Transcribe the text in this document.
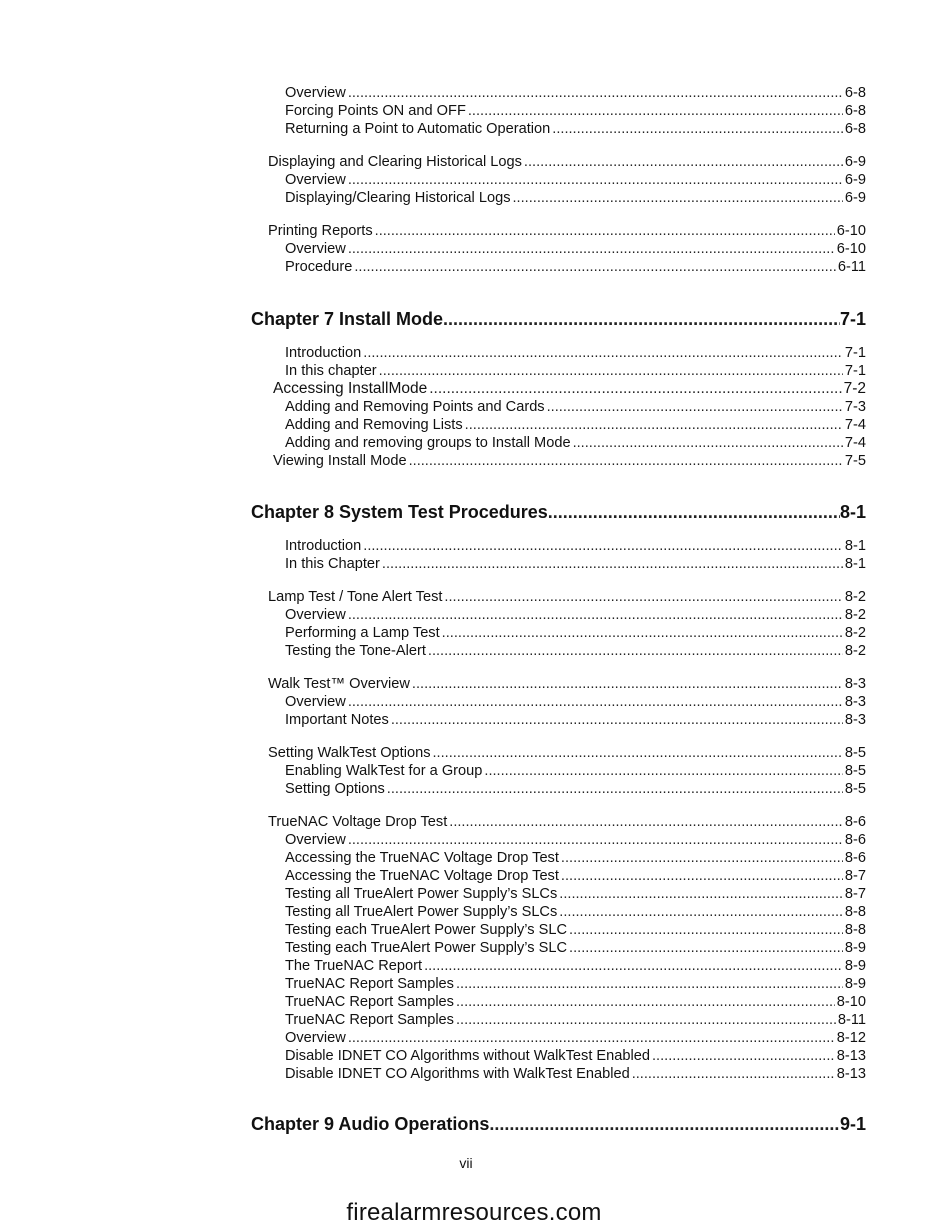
Overview .....	6-8
Forcing Points ON and OFF .....	6-8
Returning a Point to Automatic Operation .....	6-8
Displaying and Clearing Historical Logs .....	6-9
Overview .....	6-9
Displaying/Clearing Historical Logs .....	6-9
Printing Reports .....	6-10
Overview .....	6-10
Procedure .....	6-11
Chapter 7 Install Mode .....	7-1
Introduction .....	7-1
In this chapter .....	7-1
Accessing InstallMode .....	7-2
Adding and Removing Points and Cards .....	7-3
Adding and Removing Lists .....	7-4
Adding and removing groups to Install Mode .....	7-4
Viewing Install Mode .....	7-5
Chapter 8 System Test Procedures .....	8-1
Introduction .....	8-1
In this Chapter .....	8-1
Lamp Test / Tone Alert Test .....	8-2
Overview .....	8-2
Performing a Lamp Test .....	8-2
Testing the Tone-Alert .....	8-2
Walk Test™ Overview .....	8-3
Overview .....	8-3
Important Notes .....	8-3
Setting WalkTest Options .....	8-5
Enabling WalkTest for a Group .....	8-5
Setting Options .....	8-5
TrueNAC Voltage Drop Test .....	8-6
Overview .....	8-6
Accessing the TrueNAC Voltage Drop Test .....	8-6
Accessing the TrueNAC Voltage Drop Test .....	8-7
Testing all TrueAlert Power Supply’s SLCs .....	8-7
Testing all TrueAlert Power Supply’s SLCs .....	8-8
Testing each TrueAlert Power Supply’s SLC .....	8-8
Testing each TrueAlert Power Supply’s SLC .....	8-9
The TrueNAC Report .....	8-9
TrueNAC Report Samples .....	8-9
TrueNAC Report Samples .....	8-10
TrueNAC Report Samples .....	8-11
Overview .....	8-12
Disable IDNET CO Algorithms without WalkTest Enabled .....	8-13
Disable IDNET CO Algorithms with WalkTest Enabled .....	8-13
Chapter 9 Audio Operations .....	9-1
vii
firealarmresources.com
